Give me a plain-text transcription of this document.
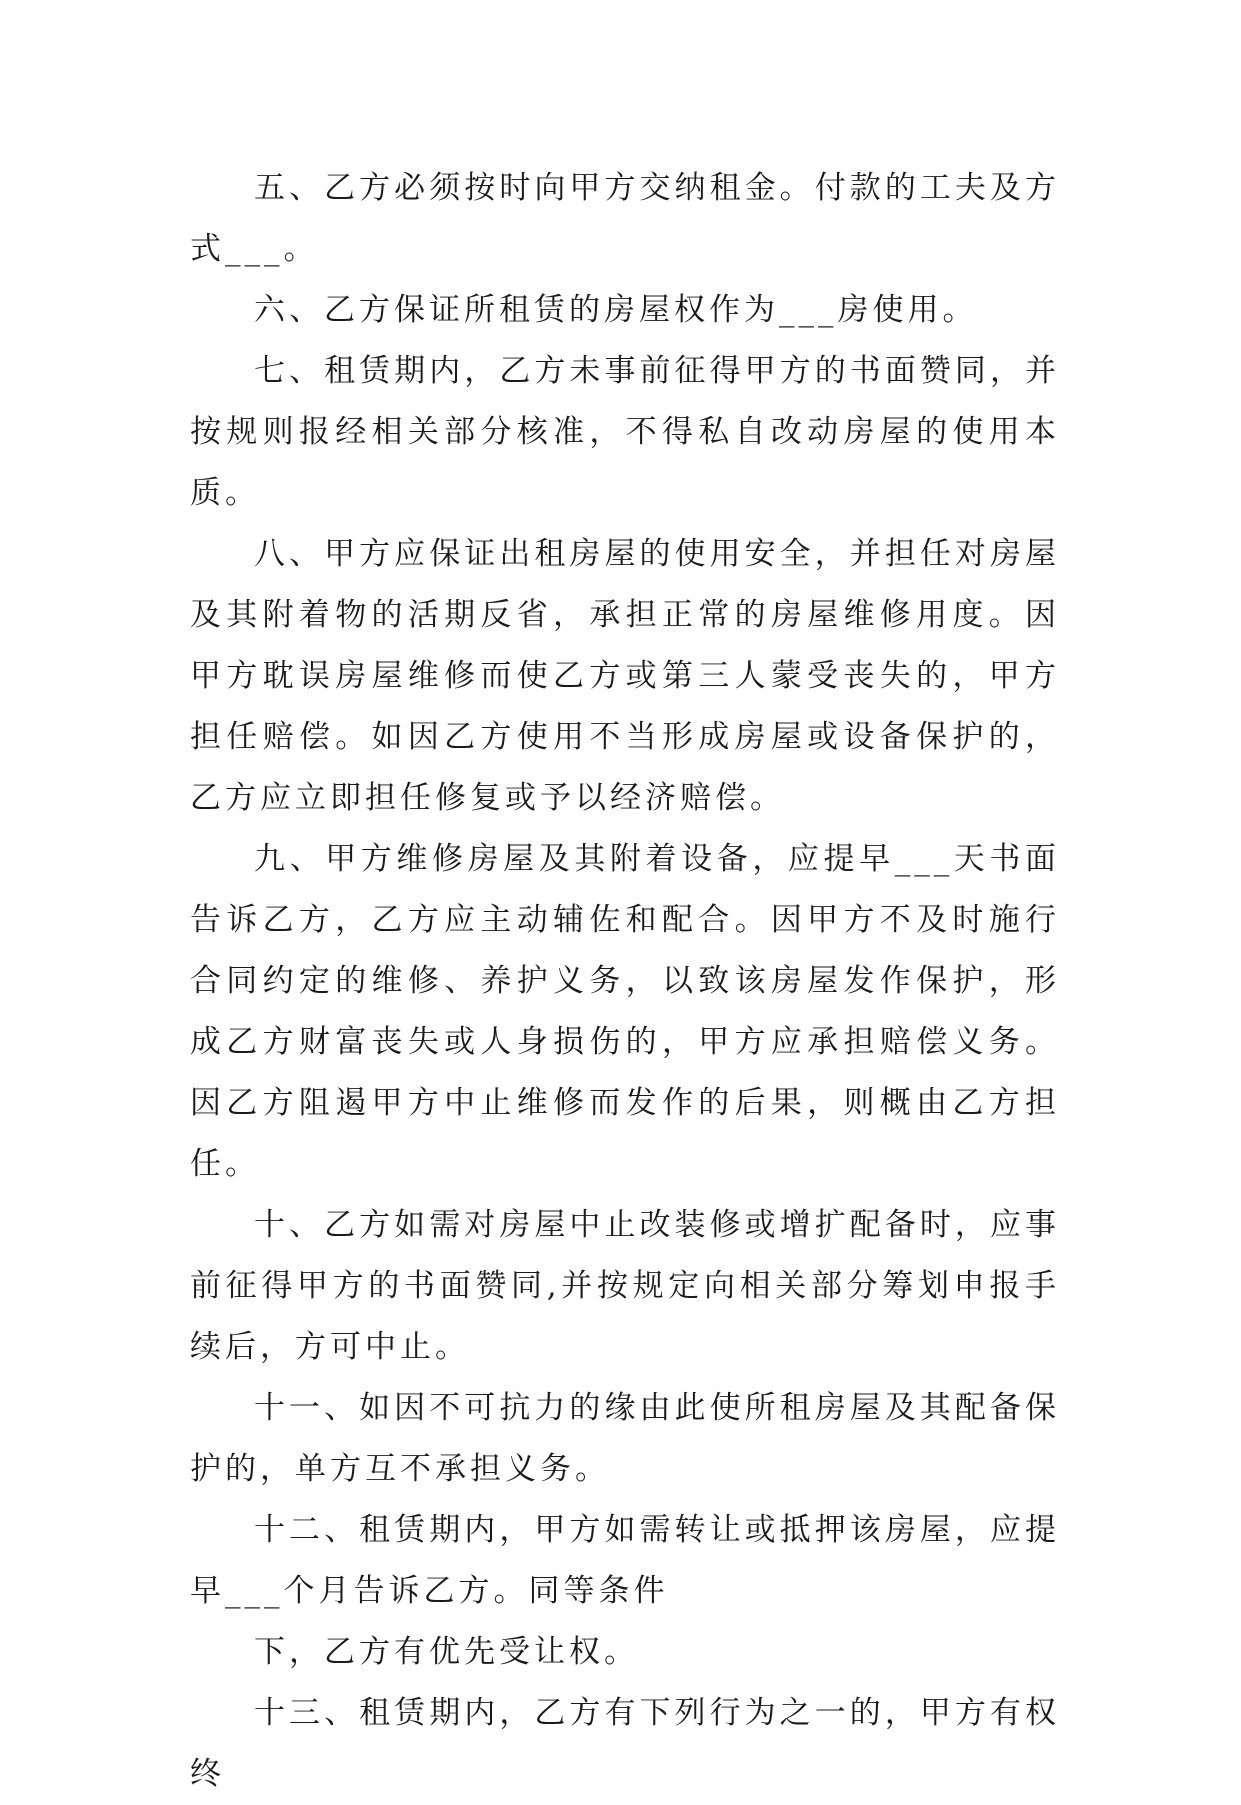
五、乙方必须按时向甲方交纳租金。付款的工夫及方式___。

六、乙方保证所租赁的房屋权作为___房使用。

七、租赁期内，乙方未事前征得甲方的书面赞同，并按规则报经相关部分核准，不得私自改动房屋的使用本质。

八、甲方应保证出租房屋的使用安全，并担任对房屋及其附着物的活期反省，承担正常的房屋维修用度。因甲方耽误房屋维修而使乙方或第三人蒙受丧失的，甲方担任赔偿。如因乙方使用不当形成房屋或设备保护的，乙方应立即担任修复或予以经济赔偿。

九、甲方维修房屋及其附着设备，应提早___天书面告诉乙方，乙方应主动辅佐和配合。因甲方不及时施行合同约定的维修、养护义务，以致该房屋发作保护，形成乙方财富丧失或人身损伤的，甲方应承担赔偿义务。因乙方阻遏甲方中止维修而发作的后果，则概由乙方担任。

十、乙方如需对房屋中止改装修或增扩配备时，应事前征得甲方的书面赞同,并按规定向相关部分筹划申报手续后，方可中止。

十一、如因不可抗力的缘由此使所租房屋及其配备保护的，单方互不承担义务。

十二、租赁期内，甲方如需转让或抵押该房屋，应提早___个月告诉乙方。同等条件

下，乙方有优先受让权。

十三、租赁期内，乙方有下列行为之一的，甲方有权终
